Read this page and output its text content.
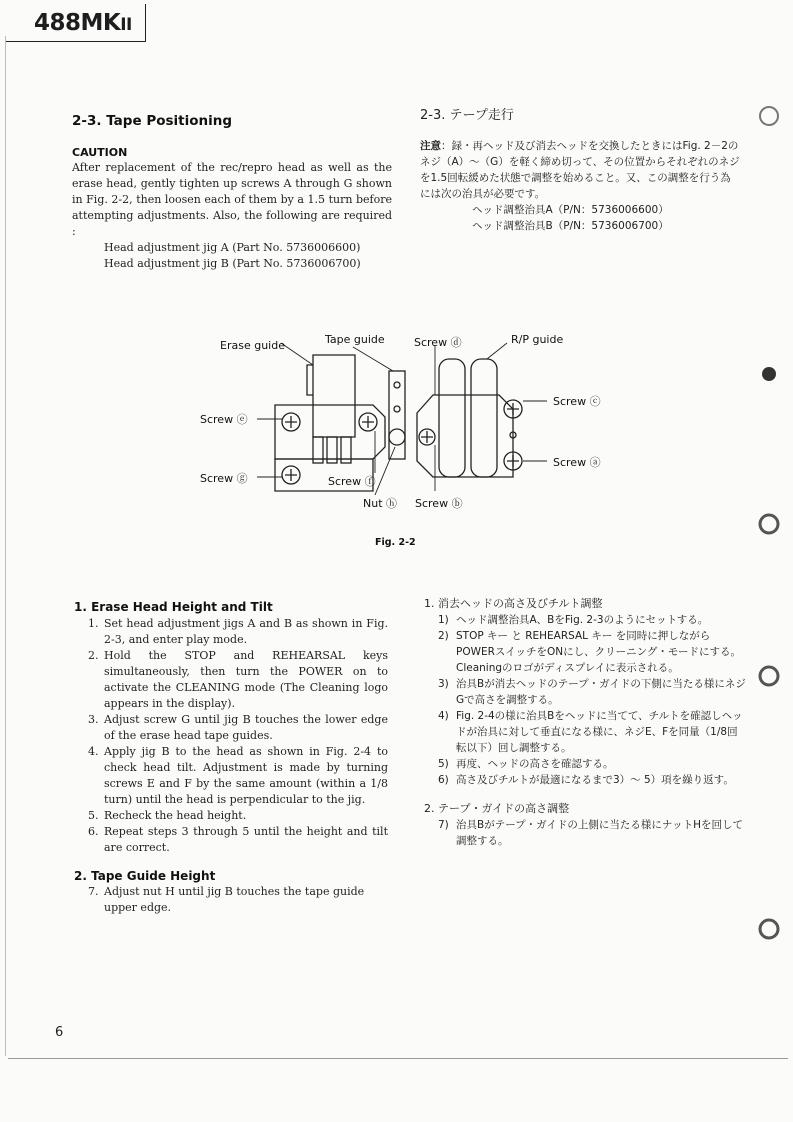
488MKII
2-3. Tape Positioning
CAUTION
After replacement of the rec/repro head as well as the erase head, gently tighten up screws A through G shown in Fig. 2-2, then loosen each of them by a 1.5 turn before attempting adjustments. Also, the following are required :
Head adjustment jig A (Part No. 5736006600)
Head adjustment jig B (Part No. 5736006700)
2-3. テープ走行
注意：録・再ヘッド及び消去ヘッドを交換したときにはFig. 2－2のネジ（A）～（G）を軽く締め切って、その位置からそれぞれのネジを1.5回転緩めた状態で調整を始めること。又、この調整を行う為には次の治具が必要です。
ヘッド調整治具A（P/N：5736006600）
ヘッド調整治具B（P/N：5736006700）
Erase guide	Tape guide	Screw ⓓ	R/P guide
Screw ⓒ
Screw ⓔ
Screw ⓐ
Screw ⓖ	Screw ⓕ
Nut ⓗ Screw ⓑ
Fig. 2-2
1. Erase Head Height and Tilt
1. Set head adjustment jigs A and B as shown in Fig. 2-3, and enter play mode.
2. Hold the STOP and REHEARSAL keys simultaneously, then turn the POWER on to activate the CLEANING mode (The Cleaning logo appears in the display).
3. Adjust screw G until jig B touches the lower edge of the erase head tape guides.
4. Apply jig B to the head as shown in Fig. 2-4 to check head tilt. Adjustment is made by turning screws E and F by the same amount (within a 1/8 turn) until the head is perpendicular to the jig.
5. Recheck the head height.
6. Repeat steps 3 through 5 until the height and tilt are correct.
2. Tape Guide Height
7. Adjust nut H until jig B touches the tape guide upper edge.
1. 消去ヘッドの高さ及びチルト調整
1) ヘッド調整治具A、BをFig. 2-3のようにセットする。
2) STOP キー と REHEARSAL キー を同時に押しながら POWERスイッチをONにし、クリーニング・モードにする。Cleaningのロゴがディスプレイに表示される。
3) 治具Bが消去ヘッドのテープ・ガイドの下側に当たる様にネジGで高さを調整する。
4) Fig. 2-4の様に治具Bをヘッドに当てて、チルトを確認しヘッドが治具に対して垂直になる様に、ネジE、Fを同量（1/8回転以下）回し調整する。
5) 再度、ヘッドの高さを確認する。
6) 高さ及びチルトが最適になるまで3）～ 5）項を繰り返す。
2. テープ・ガイドの高さ調整
7) 治具Bがテープ・ガイドの上側に当たる様にナットHを回して調整する。
6
